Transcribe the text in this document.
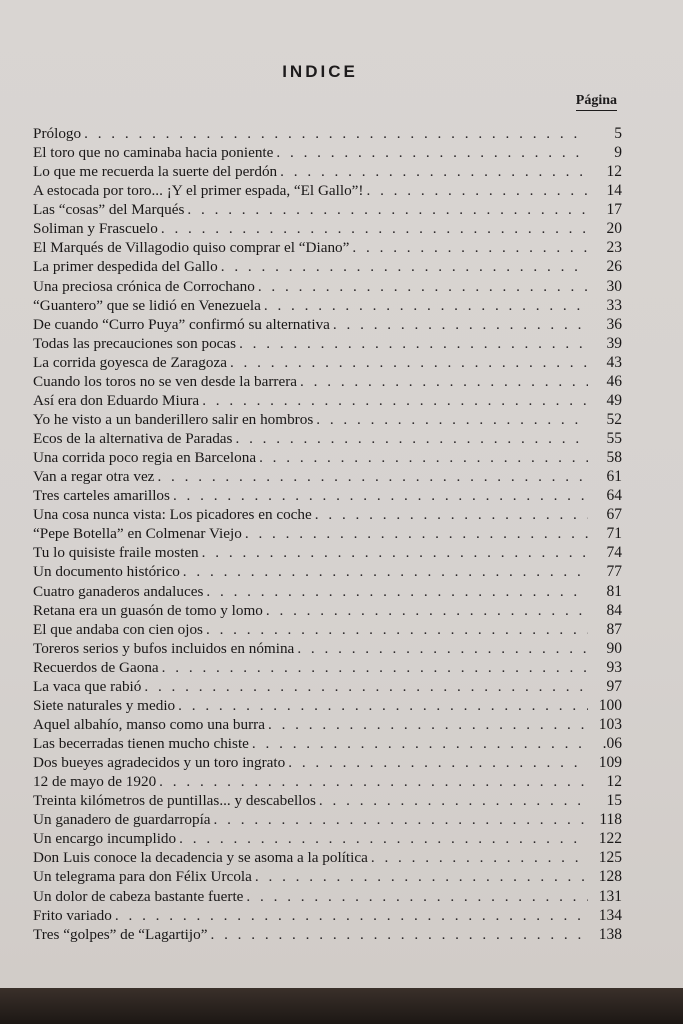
INDICE
Página
Prólogo . . .	5
El toro que no caminaba hacia poniente . . .	9
Lo que me recuerda la suerte del perdón . . .	12
A estocada por toro... ¡Y el primer espada, “El Gallo”! . . .	14
Las “cosas” del Marqués . . .	17
Soliman y Frascuelo . . .	20
El Marqués de Villagodio quiso comprar el “Diano” . . .	23
La primer despedida del Gallo . . .	26
Una preciosa crónica de Corrochano . . .	30
“Guantero” que se lidió en Venezuela . . .	33
De cuando “Curro Puya” confirmó su alternativa . . .	36
Todas las precauciones son pocas . . .	39
La corrida goyesca de Zaragoza . . .	43
Cuando los toros no se ven desde la barrera . . .	46
Así era don Eduardo Miura . . .	49
Yo he visto a un banderillero salir en hombros . . .	52
Ecos de la alternativa de Paradas . . .	55
Una corrida poco regia en Barcelona . . .	58
Van a regar otra vez . . .	61
Tres carteles amarillos . . .	64
Una cosa nunca vista: Los picadores en coche . . .	67
“Pepe Botella” en Colmenar Viejo . . .	71
Tu lo quisiste fraile mosten . . .	74
Un documento histórico . . .	77
Cuatro ganaderos andaluces . . .	81
Retana era un guasón de tomo y lomo . . .	84
El que andaba con cien ojos . . .	87
Toreros serios y bufos incluidos en nómina . . .	90
Recuerdos de Gaona . . .	93
La vaca que rabió . . .	97
Siete naturales y medio . . .	100
Aquel albahío, manso como una burra . . .	103
Las becerradas tienen mucho chiste . . .	.06
Dos bueyes agradecidos y un toro ingrato . . .	109
12 de mayo de 1920 . . .	12
Treinta kilómetros de puntillas... y descabellos . . .	15
Un ganadero de guardarropía . . .	118
Un encargo incumplido . . .	122
Don Luis conoce la decadencia y se asoma a la política . . .	125
Un telegrama para don Félix Urcola . . .	128
Un dolor de cabeza bastante fuerte . . .	131
Frito variado . . .	134
Tres “golpes” de “Lagartijo” . . .	138
